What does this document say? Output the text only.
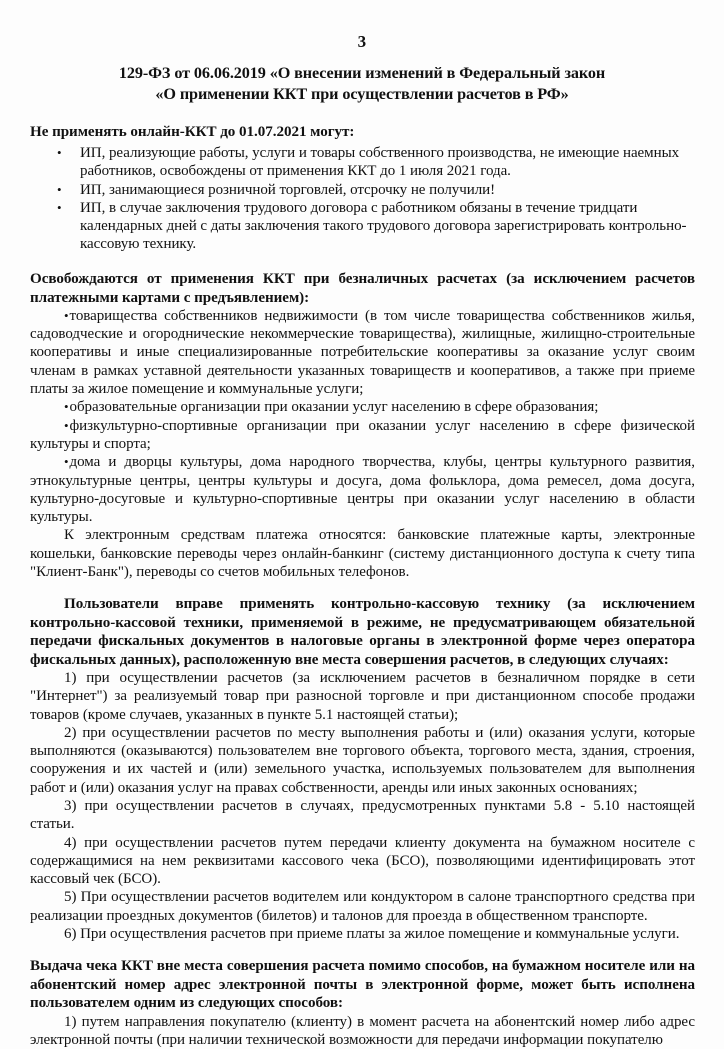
3
129-ФЗ от 06.06.2019 «О внесении изменений в Федеральный закон
«О применении ККТ при осуществлении расчетов в РФ»
Не применять онлайн-ККТ до 01.07.2021 могут:
• ИП, реализующие работы, услуги и товары собственного производства, не имеющие наемных работников, освобождены от применения ККТ до 1 июля 2021 года.
• ИП, занимающиеся розничной торговлей, отсрочку не получили!
• ИП, в случае заключения трудового договора с работником обязаны в течение тридцати календарных дней с даты заключения такого трудового договора зарегистрировать контрольно-кассовую технику.
Освобождаются от применения ККТ при безналичных расчетах (за исключением расчетов платежными картами с предъявлением):

•товарищества собственников недвижимости (в том числе товарищества собственников жилья, садоводческие и огороднические некоммерческие товарищества), жилищные, жилищно-строительные кооперативы и иные специализированные потребительские кооперативы за оказание услуг своим членам в рамках уставной деятельности указанных товариществ и кооперативов, а также при приеме платы за жилое помещение и коммунальные услуги;

•образовательные организации при оказании услуг населению в сфере образования;

•физкультурно-спортивные организации при оказании услуг населению в сфере физической культуры и спорта;

•дома и дворцы культуры, дома народного творчества, клубы, центры культурного развития, этнокультурные центры, центры культуры и досуга, дома фольклора, дома ремесел, дома досуга, культурно-досуговые и культурно-спортивные центры при оказании услуг населению в области культуры.

К электронным средствам платежа относятся: банковские платежные карты, электронные кошельки, банковские переводы через онлайн-банкинг (систему дистанционного доступа к счету типа "Клиент-Банк"), переводы со счетов мобильных телефонов.

Пользователи вправе применять контрольно-кассовую технику (за исключением контрольно-кассовой техники, применяемой в режиме, не предусматривающем обязательной передачи фискальных документов в налоговые органы в электронной форме через оператора фискальных данных), расположенную вне места совершения расчетов, в следующих случаях:

1) при осуществлении расчетов (за исключением расчетов в безналичном порядке в сети "Интернет") за реализуемый товар при разносной торговле и при дистанционном способе продажи товаров (кроме случаев, указанных в пункте 5.1 настоящей статьи);

2) при осуществлении расчетов по месту выполнения работы и (или) оказания услуги, которые выполняются (оказываются) пользователем вне торгового объекта, торгового места, здания, строения, сооружения и их частей и (или) земельного участка, используемых пользователем для выполнения работ и (или) оказания услуг на правах собственности, аренды или иных законных основаниях;

3) при осуществлении расчетов в случаях, предусмотренных пунктами 5.8 - 5.10 настоящей статьи.

4) при осуществлении расчетов путем передачи клиенту документа на бумажном носителе с содержащимися на нем реквизитами кассового чека (БСО), позволяющими идентифицировать этот кассовый чек (БСО).

5) При осуществлении расчетов водителем или кондуктором в салоне транспортного средства при реализации проездных документов (билетов) и талонов для проезда в общественном транспорте.

6) При осуществления расчетов при приеме платы за жилое помещение и коммунальные услуги.

Выдача чека ККТ вне места совершения расчета помимо способов, на бумажном носителе или на абонентский номер адрес электронной почты в электронной форме, может быть исполнена пользователем одним из следующих способов:

1) путем направления покупателю (клиенту) в момент расчета на абонентский номер либо адрес электронной почты (при наличии технической возможности для передачи информации покупателю
